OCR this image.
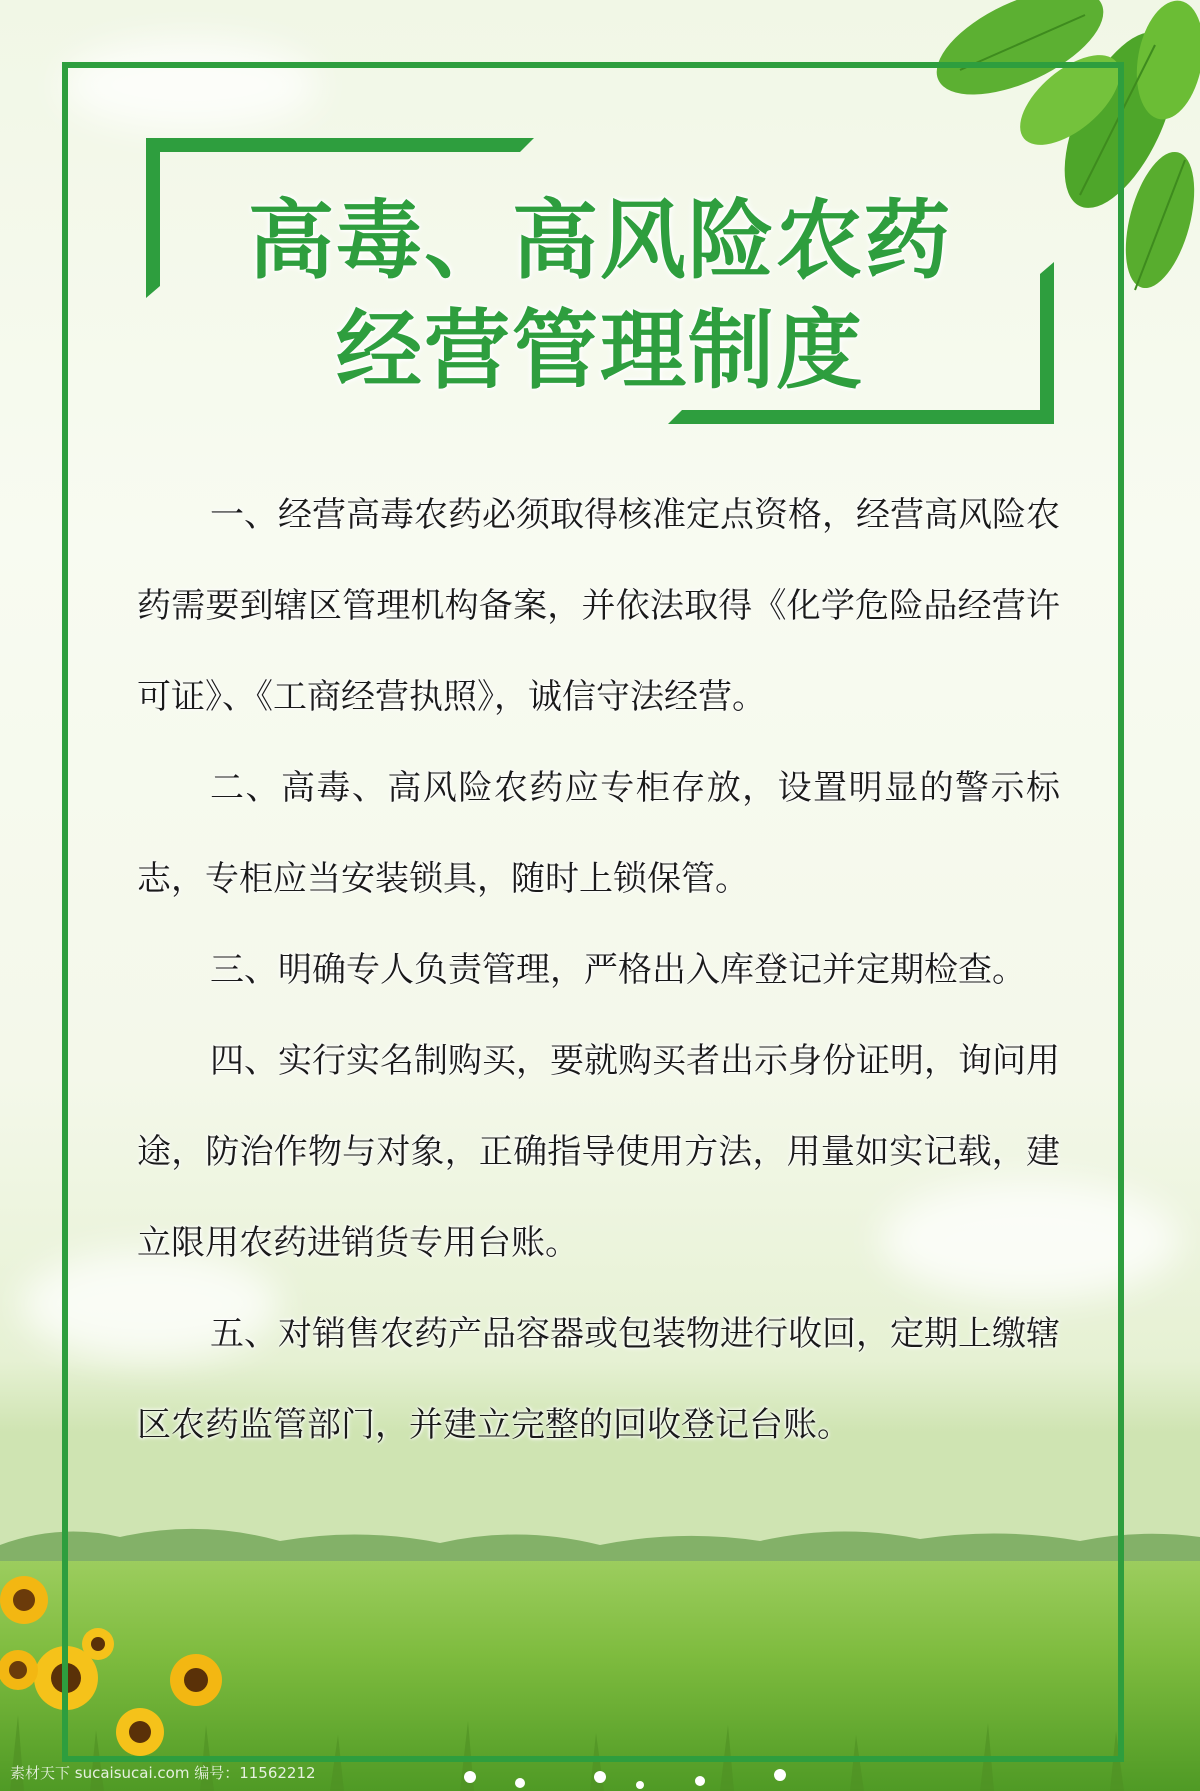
高毒、高风险农药
经营管理制度

一、经营高毒农药必须取得核准定点资格，经营高风险农药需要到辖区管理机构备案，并依法取得《化学危险品经营许可证》、《工商经营执照》，诚信守法经营。

二、高毒、高风险农药应专柜存放，设置明显的警示标志，专柜应当安装锁具，随时上锁保管。

三、明确专人负责管理，严格出入库登记并定期检查。

四、实行实名制购买，要就购买者出示身份证明，询问用途，防治作物与对象，正确指导使用方法，用量如实记载，建立限用农药进销货专用台账。

五、对销售农药产品容器或包装物进行收回，定期上缴辖区农药监管部门，并建立完整的回收登记台账。

素材天下 sucaisucai.com 编号：11562212
